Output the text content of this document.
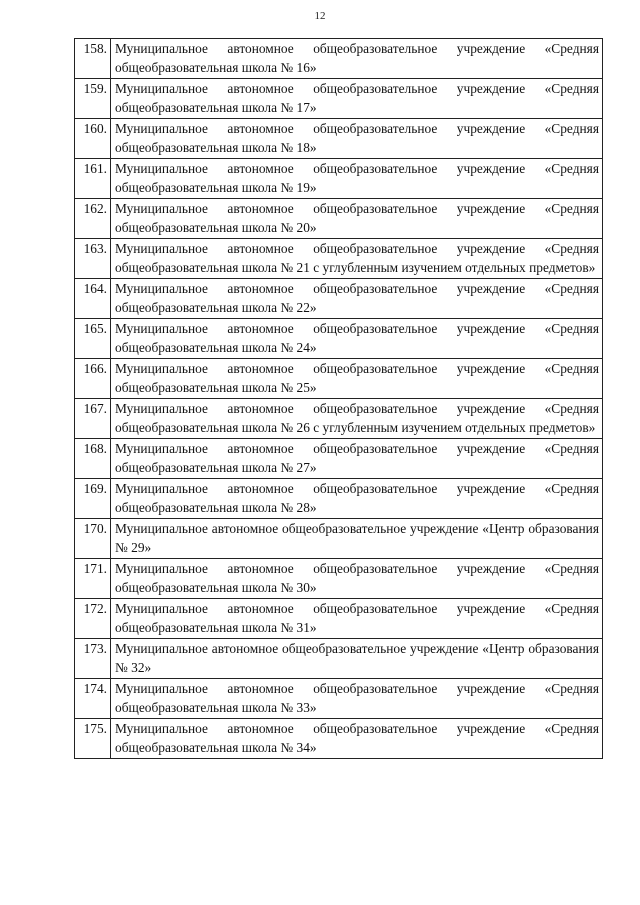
12
158.	Муниципальное автономное общеобразовательное учреждение «Средняя общеобразовательная школа № 16»
159.	Муниципальное автономное общеобразовательное учреждение «Средняя общеобразовательная школа № 17»
160.	Муниципальное автономное общеобразовательное учреждение «Средняя общеобразовательная школа № 18»
161.	Муниципальное автономное общеобразовательное учреждение «Средняя общеобразовательная школа № 19»
162.	Муниципальное автономное общеобразовательное учреждение «Средняя общеобразовательная школа № 20»
163.	Муниципальное автономное общеобразовательное учреждение «Средняя общеобразовательная школа № 21 с углубленным изучением отдельных предметов»
164.	Муниципальное автономное общеобразовательное учреждение «Средняя общеобразовательная школа № 22»
165.	Муниципальное автономное общеобразовательное учреждение «Средняя общеобразовательная школа № 24»
166.	Муниципальное автономное общеобразовательное учреждение «Средняя общеобразовательная школа № 25»
167.	Муниципальное автономное общеобразовательное учреждение «Средняя общеобразовательная школа № 26 с углубленным изучением отдельных предметов»
168.	Муниципальное автономное общеобразовательное учреждение «Средняя общеобразовательная школа № 27»
169.	Муниципальное автономное общеобразовательное учреждение «Средняя общеобразовательная школа № 28»
170.	Муниципальное автономное общеобразовательное учреждение «Центр образования № 29»
171.	Муниципальное автономное общеобразовательное учреждение «Средняя общеобразовательная школа № 30»
172.	Муниципальное автономное общеобразовательное учреждение «Средняя общеобразовательная школа № 31»
173.	Муниципальное автономное общеобразовательное учреждение «Центр образования № 32»
174.	Муниципальное автономное общеобразовательное учреждение «Средняя общеобразовательная школа № 33»
175.	Муниципальное автономное общеобразовательное учреждение «Средняя общеобразовательная школа № 34»
